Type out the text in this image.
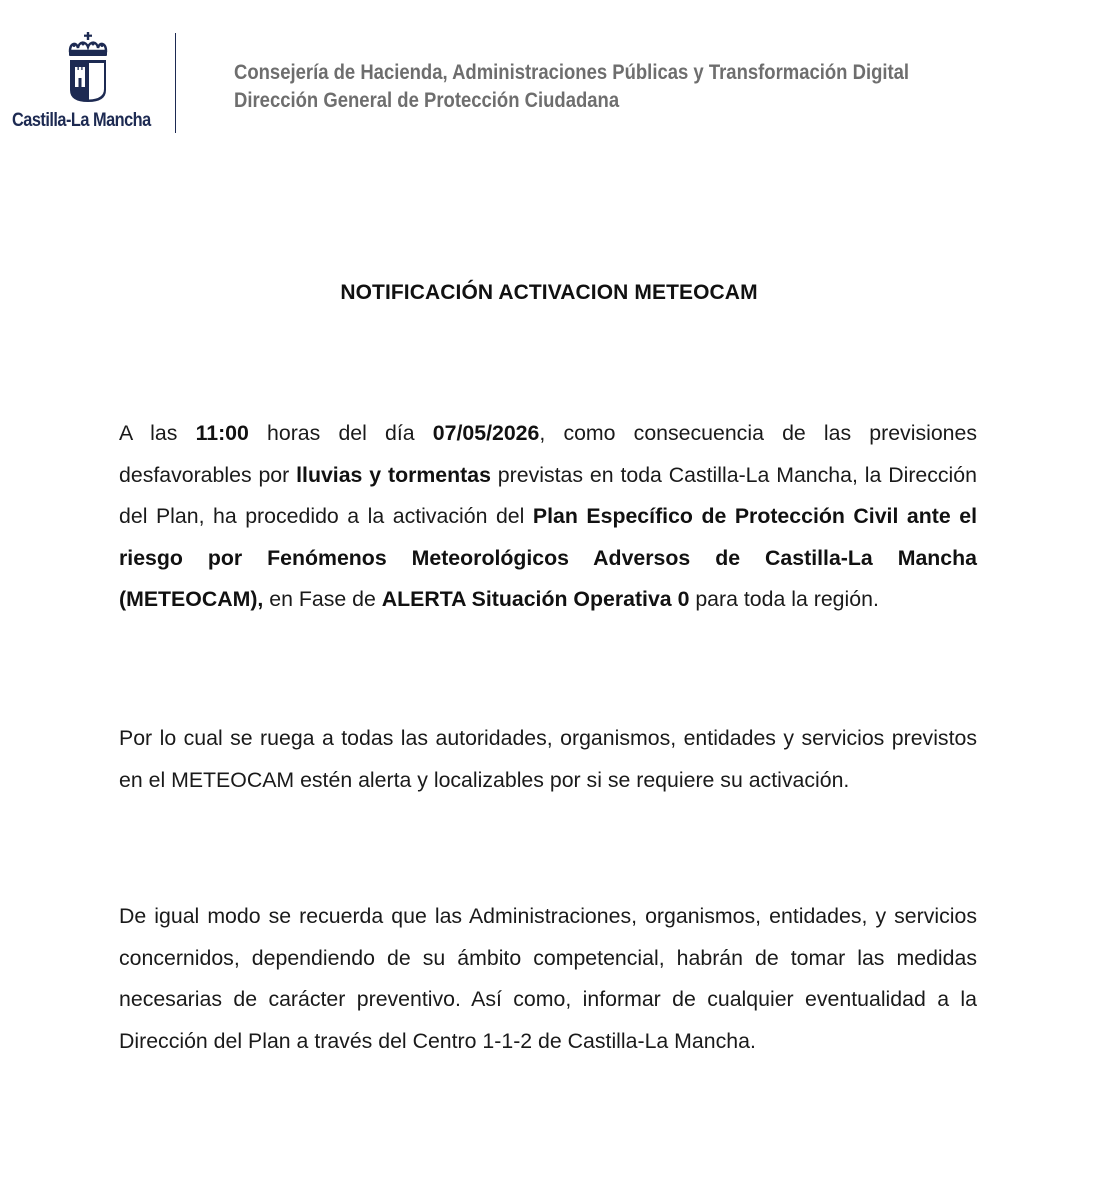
Castilla-La Mancha
Consejería de Hacienda, Administraciones Públicas y Transformación Digital
Dirección General de Protección Ciudadana
NOTIFICACIÓN ACTIVACION METEOCAM

A las 11:00 horas del día 07/05/2026, como consecuencia de las previsiones desfavorables por lluvias y tormentas previstas en toda Castilla-La Mancha, la Dirección del Plan, ha procedido a la activación del Plan Específico de Protección Civil ante el riesgo por Fenómenos Meteorológicos Adversos de Castilla-La Mancha (METEOCAM), en Fase de ALERTA Situación Operativa 0 para toda la región.

Por lo cual se ruega a todas las autoridades, organismos, entidades y servicios previstos en el METEOCAM estén alerta y localizables por si se requiere su activación.

De igual modo se recuerda que las Administraciones, organismos, entidades, y servicios concernidos, dependiendo de su ámbito competencial, habrán de tomar las medidas necesarias de carácter preventivo. Así como, informar de cualquier eventualidad a la Dirección del Plan a través del Centro 1-1-2 de Castilla-La Mancha.
